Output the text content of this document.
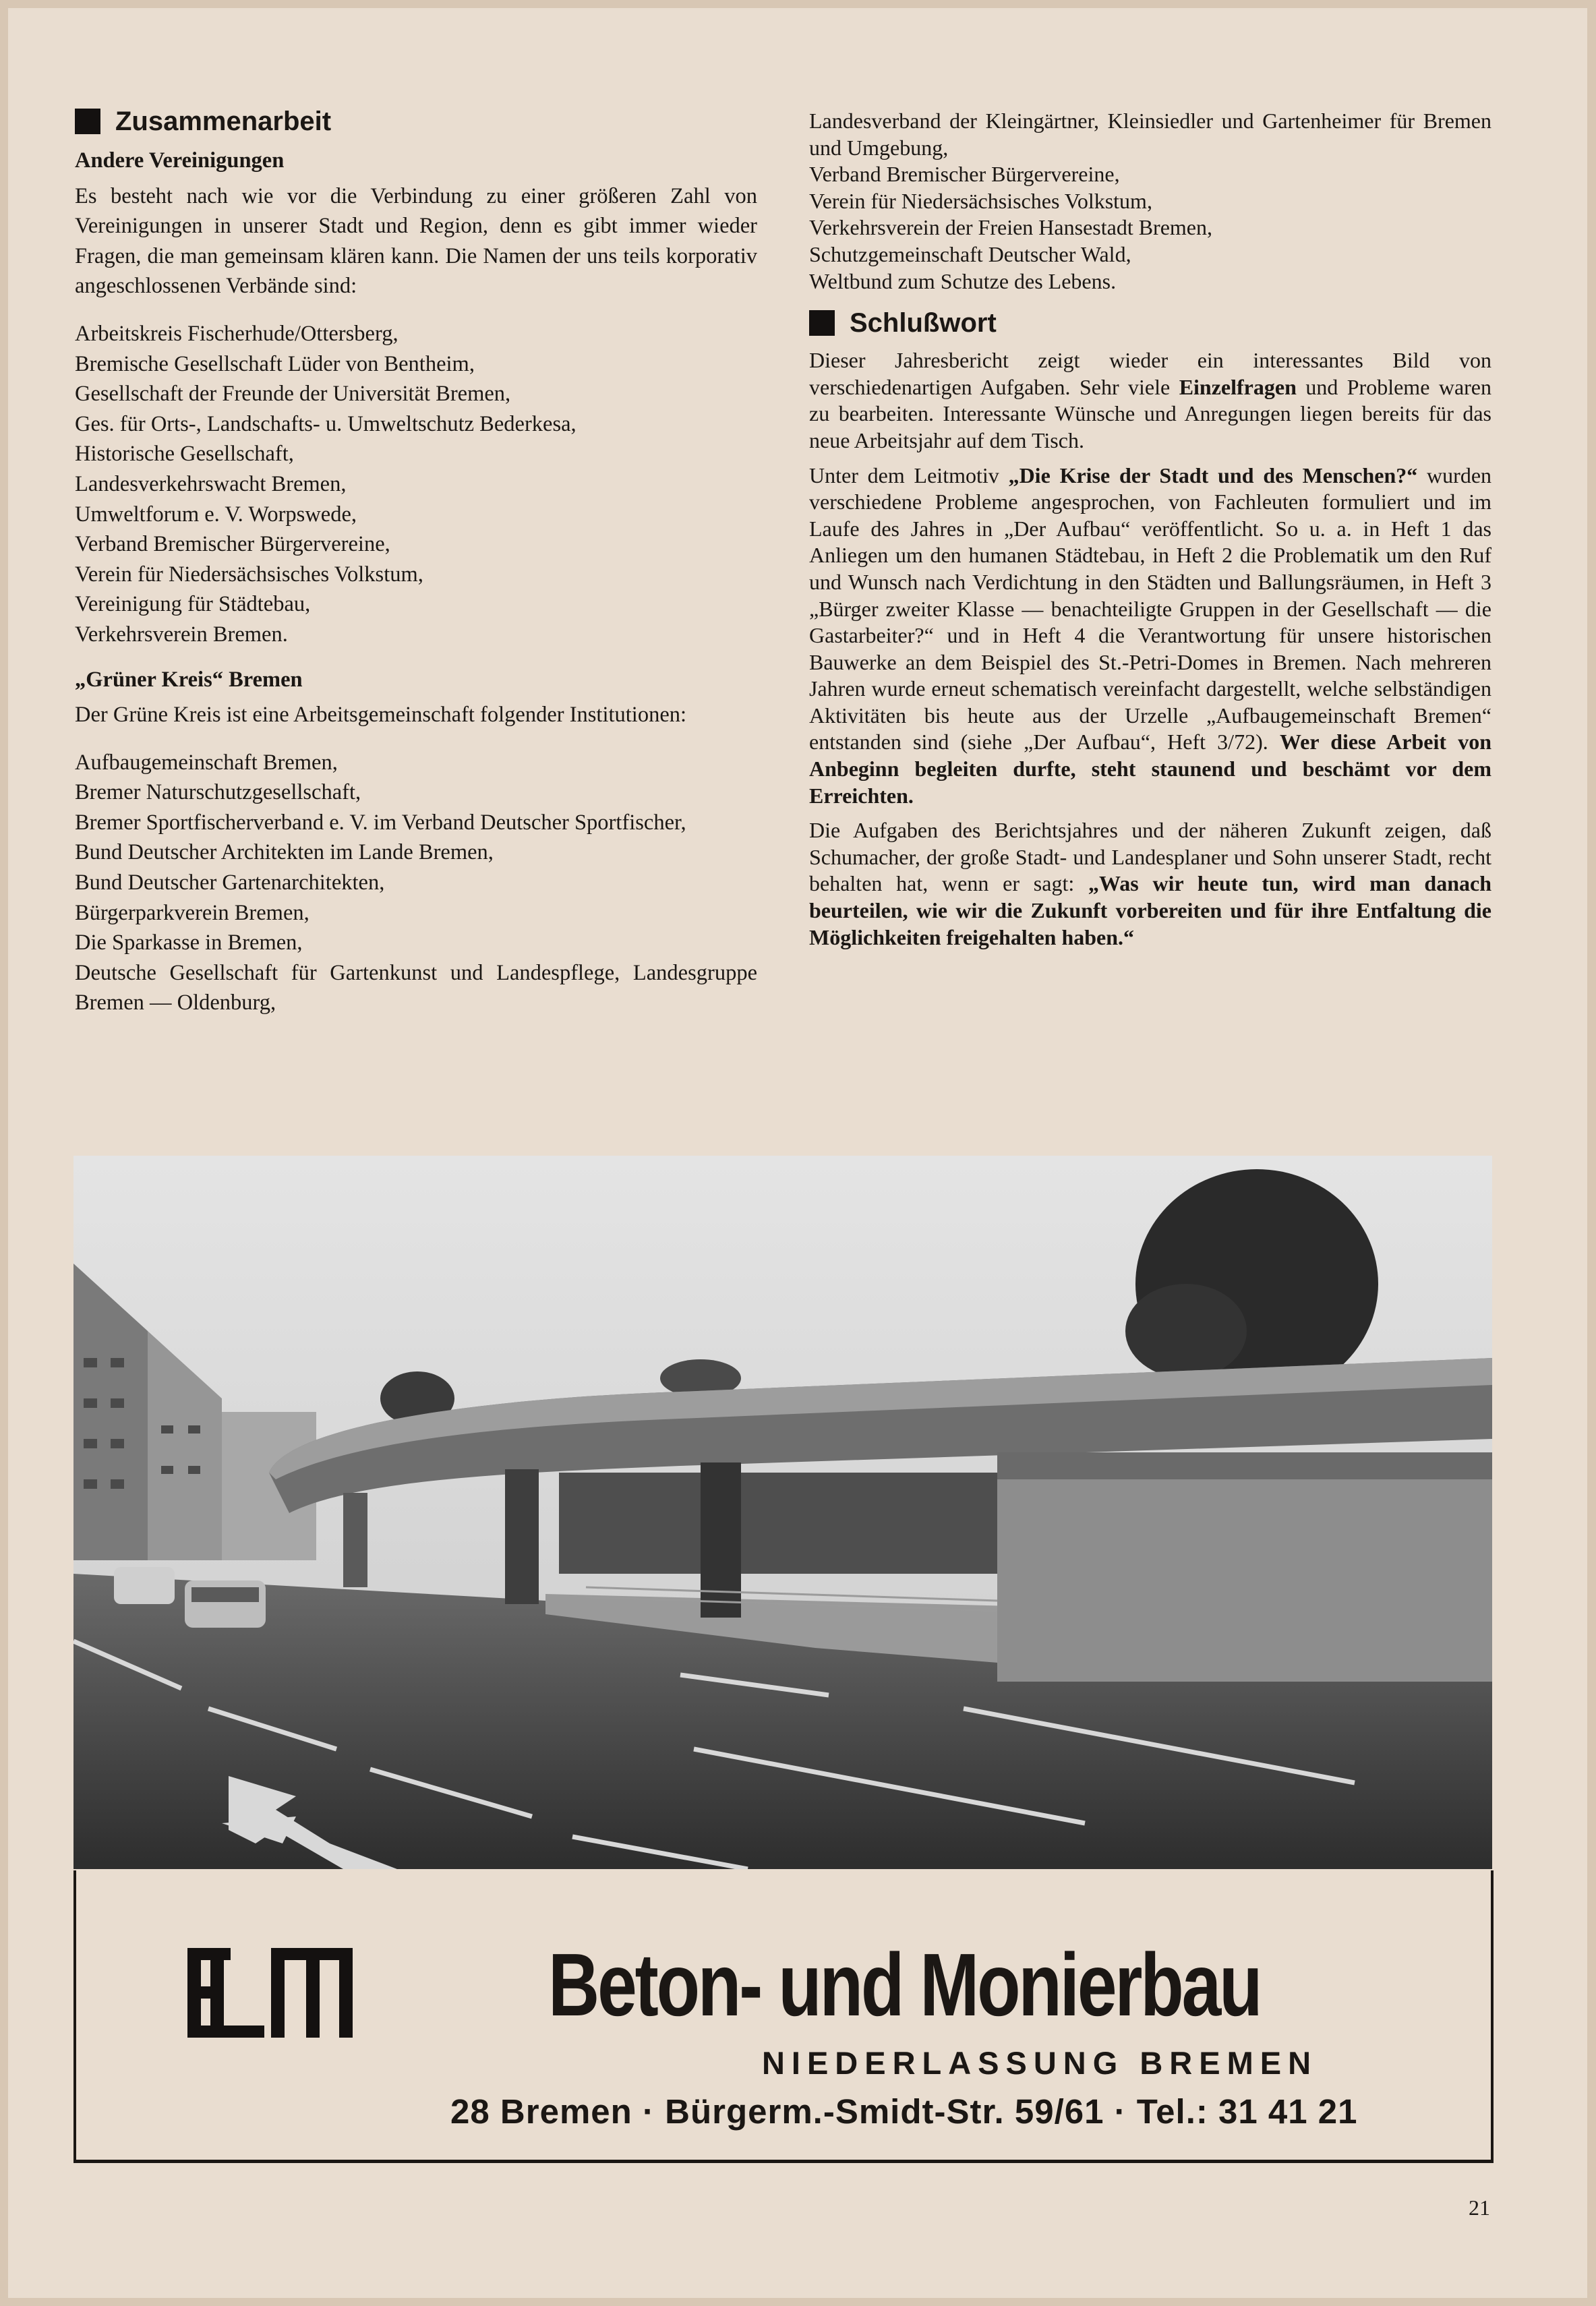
Zusammenarbeit
Andere Vereinigungen

Es besteht nach wie vor die Verbindung zu einer größeren Zahl von Vereinigungen in unserer Stadt und Region, denn es gibt immer wieder Fragen, die man gemeinsam klären kann. Die Namen der uns teils korporativ angeschlossenen Verbände sind:

Arbeitskreis Fischerhude/Ottersberg,
Bremische Gesellschaft Lüder von Bentheim,
Gesellschaft der Freunde der Universität Bremen,
Ges. für Orts-, Landschafts- u. Umweltschutz Bederkesa,
Historische Gesellschaft,
Landesverkehrswacht Bremen,
Umweltforum e. V. Worpswede,
Verband Bremischer Bürgervereine,
Verein für Niedersächsisches Volkstum,
Vereinigung für Städtebau,
Verkehrsverein Bremen.
„Grüner Kreis“ Bremen

Der Grüne Kreis ist eine Arbeitsgemeinschaft folgender Institutionen:

Aufbaugemeinschaft Bremen,
Bremer Naturschutzgesellschaft,
Bremer Sportfischerverband e. V. im Verband Deutscher Sportfischer,
Bund Deutscher Architekten im Lande Bremen,
Bund Deutscher Gartenarchitekten,
Bürgerparkverein Bremen,
Die Sparkasse in Bremen,
Deutsche Gesellschaft für Gartenkunst und Landespflege, Landesgruppe Bremen — Oldenburg,
Landesverband der Kleingärtner, Kleinsiedler und Gartenheimer für Bremen und Umgebung,
Verband Bremischer Bürgervereine,
Verein für Niedersächsisches Volkstum,
Verkehrsverein der Freien Hansestadt Bremen,
Schutzgemeinschaft Deutscher Wald,
Weltbund zum Schutze des Lebens.
Schlußwort

Dieser Jahresbericht zeigt wieder ein interessantes Bild von verschiedenartigen Aufgaben. Sehr viele Einzelfragen und Probleme waren zu bearbeiten. Interessante Wünsche und Anregungen liegen bereits für das neue Arbeitsjahr auf dem Tisch.

Unter dem Leitmotiv „Die Krise der Stadt und des Menschen?“ wurden verschiedene Probleme angesprochen, von Fachleuten formuliert und im Laufe des Jahres in „Der Aufbau“ veröffentlicht. So u. a. in Heft 1 das Anliegen um den humanen Städtebau, in Heft 2 die Problematik um den Ruf und Wunsch nach Verdichtung in den Städten und Ballungsräumen, in Heft 3 „Bürger zweiter Klasse — benachteiligte Gruppen in der Gesellschaft — die Gastarbeiter?“ und in Heft 4 die Verantwortung für unsere historischen Bauwerke an dem Beispiel des St.-Petri-Domes in Bremen. Nach mehreren Jahren wurde erneut schematisch vereinfacht dargestellt, welche selbständigen Aktivitäten bis heute aus der Urzelle „Aufbaugemeinschaft Bremen“ entstanden sind (siehe „Der Aufbau“, Heft 3/72). Wer diese Arbeit von Anbeginn begleiten durfte, steht staunend und beschämt vor dem Erreichten.

Die Aufgaben des Berichtsjahres und der näheren Zukunft zeigen, daß Schumacher, der große Stadt- und Landesplaner und Sohn unserer Stadt, recht behalten hat, wenn er sagt: „Was wir heute tun, wird man danach beurteilen, wie wir die Zukunft vorbereiten und für ihre Entfaltung die Möglichkeiten freigehalten haben.“

Beton- und Monierbau
NIEDERLASSUNG BREMEN
28 Bremen · Bürgerm.-Smidt-Str. 59/61 · Tel.: 31 41 21
21
